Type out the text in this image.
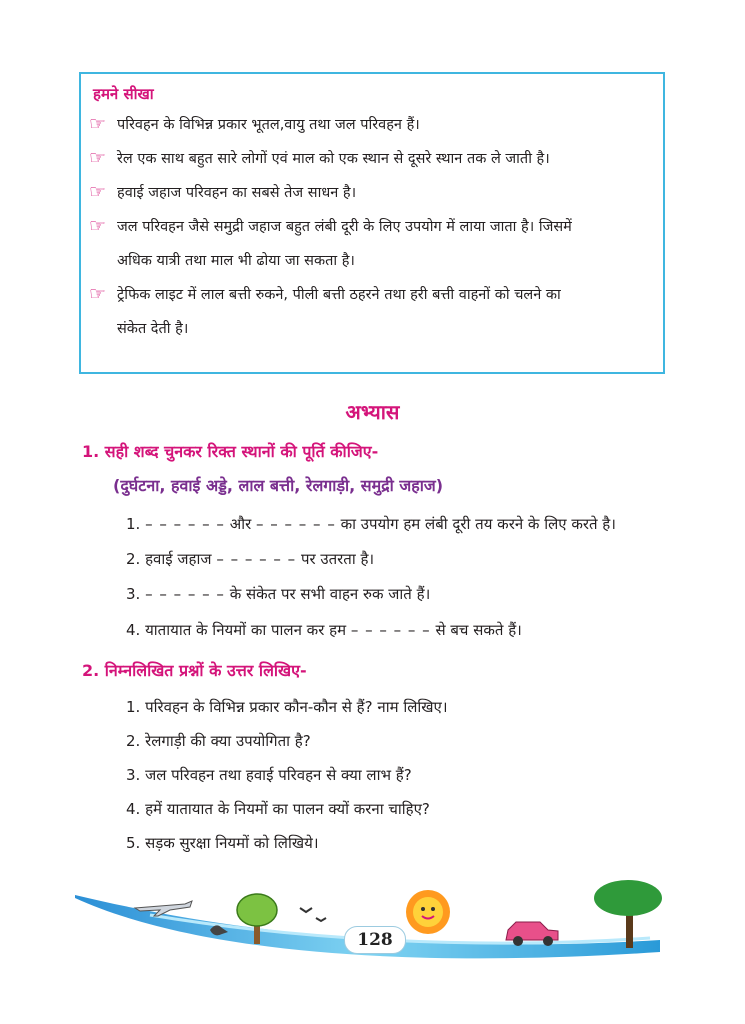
हमने सीखा
☞ परिवहन के विभिन्न प्रकार भूतल,वायु तथा जल परिवहन हैं।
☞ रेल एक साथ बहुत सारे लोगों एवं माल को एक स्थान से दूसरे स्थान तक ले जाती है।
☞ हवाई जहाज परिवहन का सबसे तेज साधन है।
☞ जल परिवहन जैसे समुद्री जहाज बहुत लंबी दूरी के लिए उपयोग में लाया जाता है। जिसमें
अधिक यात्री तथा माल भी ढोया जा सकता है।
☞ ट्रेफिक लाइट में लाल बत्ती रुकने, पीली बत्ती ठहरने तथा हरी बत्ती वाहनों को चलने का
संकेत देती है।
अभ्यास
1. सही शब्द चुनकर रिक्त स्थानों की पूर्ति कीजिए-
(दुर्घटना, हवाई अड्डे, लाल बत्ती, रेलगाड़ी, समुद्री जहाज)
1. – – – – – – और – – – – – – का उपयोग हम लंबी दूरी तय करने के लिए करते है।
2. हवाई जहाज – – – – – – पर उतरता है।
3. – – – – – – के संकेत पर सभी वाहन रुक जाते हैं।
4. यातायात के नियमों का पालन कर हम – – – – – – से बच सकते हैं।
2. निम्नलिखित प्रश्नों के उत्तर लिखिए-
1. परिवहन के विभिन्न प्रकार कौन-कौन से हैं? नाम लिखिए।
2. रेलगाड़ी की क्या उपयोगिता है?
3. जल परिवहन तथा हवाई परिवहन से क्या लाभ हैं?
4. हमें यातायात के नियमों का पालन क्यों करना चाहिए?
5. सड़क सुरक्षा नियमों को लिखिये।
128
